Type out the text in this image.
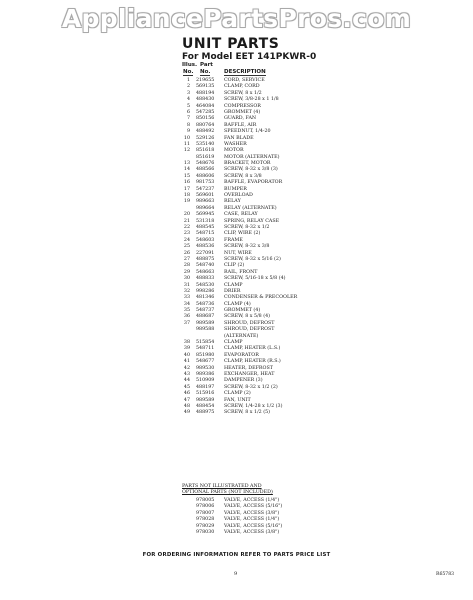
AppliancePartsPros.com
UNIT PARTS
For Model EET 141PKWR-0
Illus. Part
No. No. DESCRIPTION
1 219655 CORD, SERVICE
2 569135 CLAMP, CORD
3 488194 SCREW, 8 x 1/2
4 488430 SCREW, 3/8-28 x 1 1/8
5 464084 COMPRESSOR
6 547285 GROMMET (4)
7 850156 GUARD, FAN
8 880764 BAFFLE, AIR
9 488492 SPEEDNUT, 1/4-20
10 529126 FAN BLADE
11 535140 WASHER
12 851618 MOTOR
851619 MOTOR (ALTERNATE)
13 548676 BRACKET, MOTOR
14 488566 SCREW, 8-32 x 3/8 (3)
15 488606 SCREW, 8 x 3/8
16 981753 BAFFLE, EVAPORATOR
17 547237 BUMPER
18 569601 OVERLOAD
19 989663 RELAY
989664 RELAY (ALTERNATE)
20 569945 CASE, RELAY
21 531318 SPRING, RELAY CASE
22 488545 SCREW, 8-32 x 1/2
23 548715 CLIP, WIRE (2)
24 548603 FRAME
25 488536 SCREW, 8-32 x 3/8
26 227091 NUT, WIRE
27 488875 SCREW, 8-32 x 5/16 (2)
28 548740 CLIP (2)
29 548663 RAIL, FRONT
30 488833 SCREW, 5/16-18 x 5/8 (4)
31 548530 CLAMP
32 998286 DRIER
33 481346 CONDENSER & PRECOOLER
34 548736 CLAMP (4)
35 548737 GROMMET (4)
36 488687 SCREW, 8 x 5/8 (4)
37 989589 SHROUD, DEFROST
989588 SHROUD, DEFROST
(ALTERNATE)
38 515854 CLAMP
39 548711 CLAMP, HEATER (L.S.)
40 851980 EVAPORATOR
41 548677 CLAMP, HEATER (R.S.)
42 989530 HEATER, DEFROST
43 989386 EXCHANGER, HEAT
44 510909 DAMPENER (3)
45 488197 SCREW, 8-32 x 1/2 (2)
46 515916 CLAMP (2)
47 989589 FAN, UNIT
48 488454 SCREW, 1/4-28 x 1/2 (3)
49 488975 SCREW, 8 x 1/2 (5)
PARTS NOT ILLUSTRATED AND
OPTIONAL PARTS (NOT INCLUDED)
978005 VALVE, ACCESS (1/4")
978006 VALVE, ACCESS (5/16")
978007 VALVE, ACCESS (3/8")
978028 VALVE, ACCESS (1/4")
978029 VALVE, ACCESS (5/16")
978030 VALVE, ACCESS (3/8")
FOR ORDERING INFORMATION REFER TO PARTS PRICE LIST
9	R65783
